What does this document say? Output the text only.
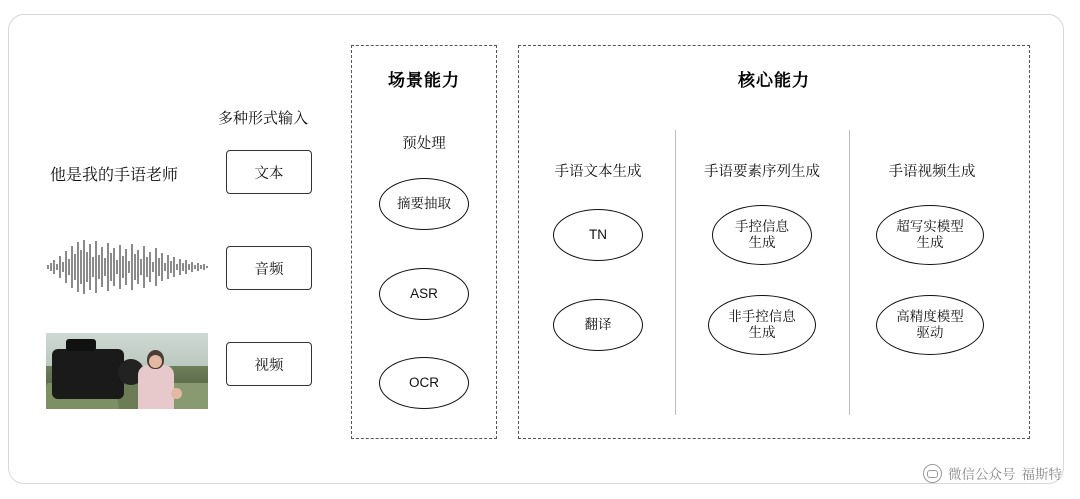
多种形式输入
他是我的手语老师	文本
音频
视频
场景能力
预处理
摘要抽取
ASR
OCR
核心能力
手语文本生成
TN
翻译
手语要素序列生成
手控信息
生成
非手控信息
生成
手语视频生成
超写实模型
生成
高精度模型
驱动
微信公众号 福斯特
